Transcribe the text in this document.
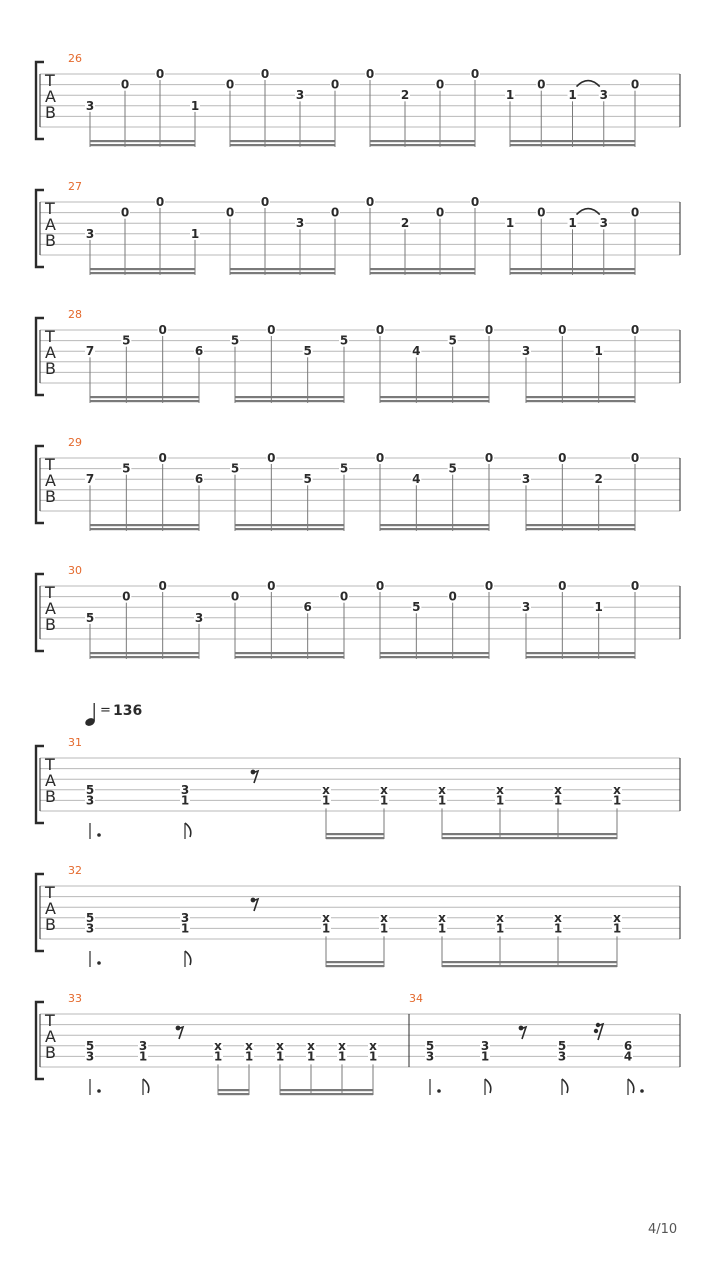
= 136
T
A
B
26
3
0
0
1
0
0
3
0
0
2
0
0
1
0
1 3
0
T
A
B
27
3
0
0
1
0
0
3
0
0
2
0
0
1
0
1 3
0
T
A
B
28
7
5
0
6
5
0
5
5
0
4
5
0
3
0
1
0
T
A
B
29
7
5
0
6
5
0
5
5
0
4
5
0
3
0
2
0
T
A
B
30
5
0
0
3
0
0
6
0
0
5
0
0
3
0
1
0
T
A
B
31
5
3
3
1
x
1
x
1
x
1
x
1
x
1
x
1
T
A
B
32
5
3
3
1
x
1
x
1
x
1
x
1
x
1
x
1
T
A
B
33	34
5
3
3
1
x
1
x
1
x
1
x
1
x
1
x
1
5
3
3
1
5
3
6
4
4/10
